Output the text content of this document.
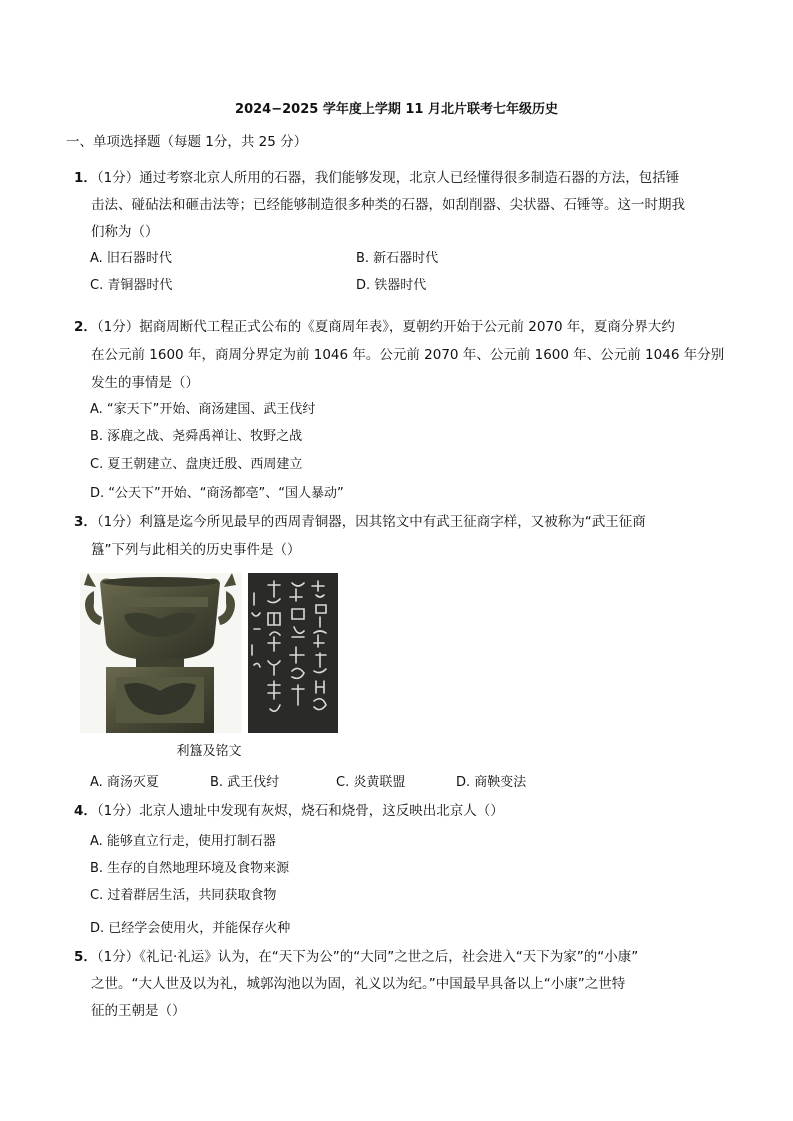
2024−2025 学年度上学期 11 月北片联考七年级历史
一、单项选择题（每题 1分，共 25 分）
1．（1分）通过考察北京人所用的石器，我们能够发现，北京人已经懂得很多制造石器的方法，包括锤
击法、碰砧法和砸击法等；已经能够制造很多种类的石器，如刮削器、尖状器、石锤等。这一时期我
们称为（）
A. 旧石器时代	B. 新石器时代
C. 青铜器时代	D. 铁器时代
2．（1分）据商周断代工程正式公布的《夏商周年表》，夏朝约开始于公元前 2070 年，夏商分界大约
在公元前 1600 年，商周分界定为前 1046 年。公元前 2070 年、公元前 1600 年、公元前 1046 年分别
发生的事情是（）
A. “家天下”开始、商汤建国、武王伐纣
B. 涿鹿之战、尧舜禹禅让、牧野之战
C. 夏王朝建立、盘庚迁殷、西周建立
D. “公天下”开始、“商汤都亳”、“国人暴动”
3．（1分）利簋是迄今所见最早的西周青铜器，因其铭文中有武王征商字样，又被称为“武王征商
簋”下列与此相关的历史事件是（）
利簋及铭文
A. 商汤灭夏	B. 武王伐纣	C. 炎黄联盟	D. 商鞅变法
4．（1分）北京人遗址中发现有灰烬，烧石和烧骨，这反映出北京人（）
A. 能够直立行走，使用打制石器
B. 生存的自然地理环境及食物来源
C. 过着群居生活，共同获取食物
D. 已经学会使用火，并能保存火种
5．（1分）《礼记·礼运》认为，在“天下为公”的“大同”之世之后，社会进入“天下为家”的“小康”
之世。“大人世及以为礼，城郭沟池以为固，礼义以为纪。”中国最早具备以上“小康”之世特
征的王朝是（）
